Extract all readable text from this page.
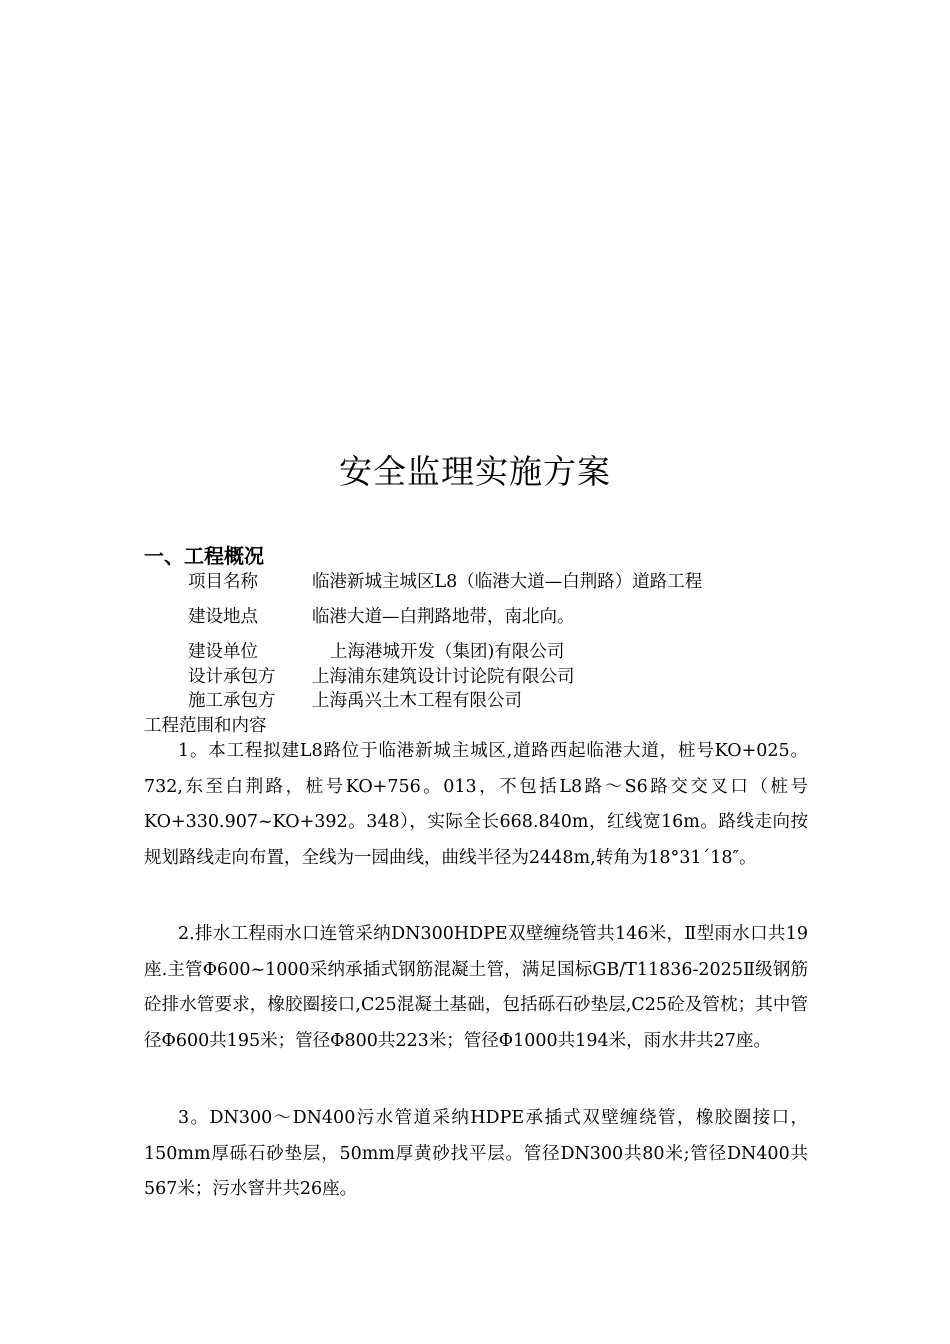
安全监理实施方案
一、工程概况
项目名称	临港新城主城区L8（临港大道—白荆路）道路工程
建设地点	临港大道—白荆路地带，南北向。
建设单位	上海港城开发（集团)有限公司
设计承包方 上海浦东建筑设计讨论院有限公司
施工承包方 上海禹兴土木工程有限公司
工程范围和内容

1。本工程拟建L8路位于临港新城主城区,道路西起临港大道，桩号KO+025。732,东至白荆路，桩号KO+756。013，不包括L8路～S6路交交叉口（桩号KO+330.907~KO+392。348），实际全长668.840m，红线宽16m。路线走向按规划路线走向布置，全线为一园曲线，曲线半径为2448m,转角为18°31´18″。

2.排水工程雨水口连管采纳DN300HDPE双壁缠绕管共146米，Ⅱ型雨水口共19座.主管Φ600~1000采纳承插式钢筋混凝土管，满足国标GB/T11836-2025Ⅱ级钢筋砼排水管要求，橡胶圈接口,C25混凝土基础，包括砾石砂垫层,C25砼及管枕；其中管径Φ600共195米；管径Φ800共223米；管径Φ1000共194米，雨水井共27座。

3。DN300～DN400污水管道采纳HDPE承插式双壁缠绕管，橡胶圈接口，150mm厚砾石砂垫层，50mm厚黄砂找平层。管径DN300共80米;管径DN400共567米；污水窨井共26座。
